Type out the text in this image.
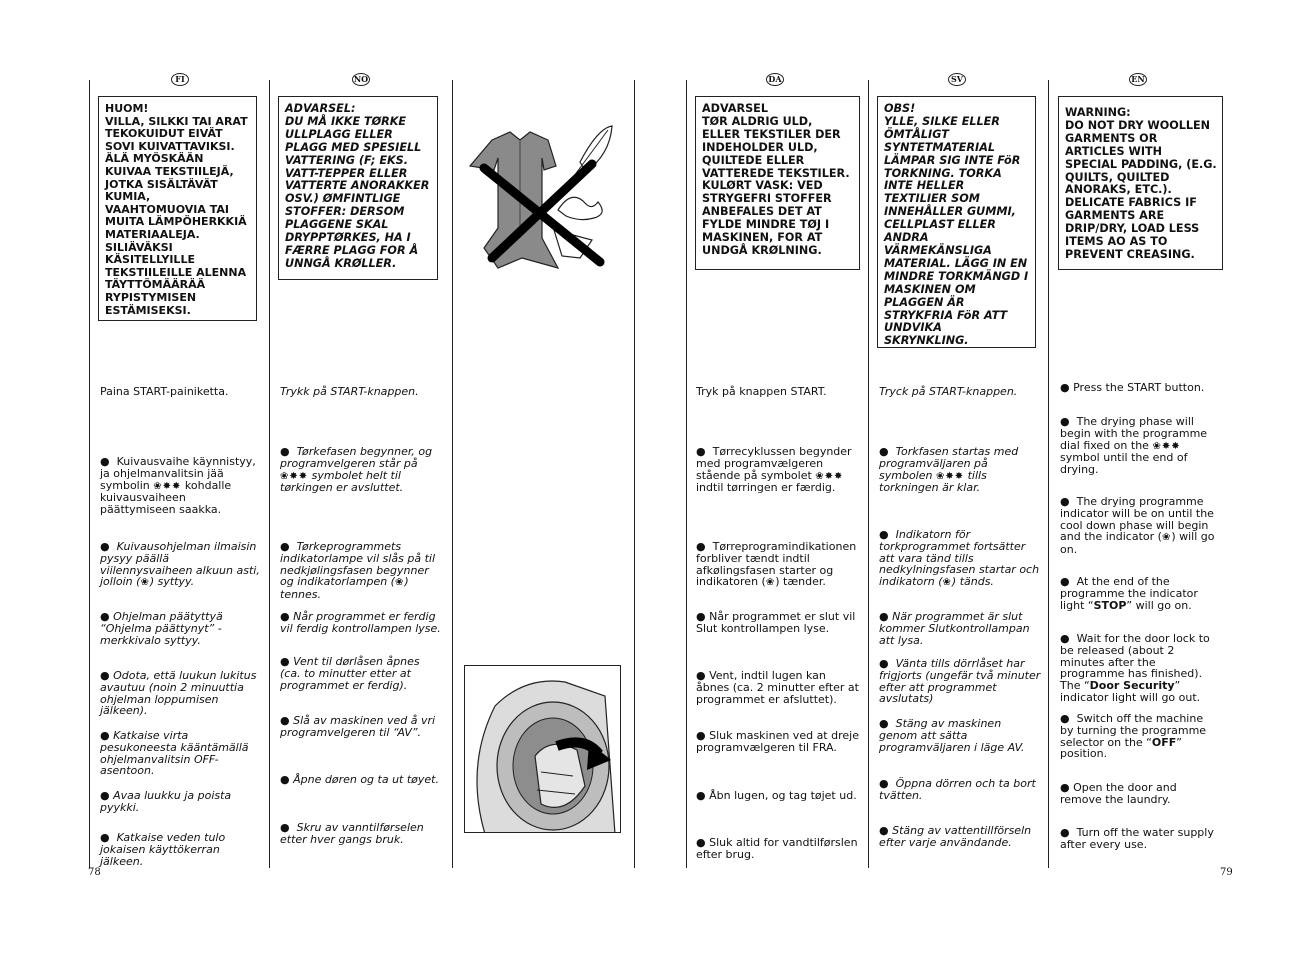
FI	NO	DA	SV	EN
HUOM!
VILLA, SILKKI TAI ARAT TEKOKUIDUT EIVÄT SOVI KUIVATTAVIKSI. ÄLÄ MYÖSKÄÄN KUIVAA TEKSTIILEJÄ, JOTKA SISÄLTÄVÄT KUMIA, VAAHTOMUOVIA TAI MUITA LÄMPÖHERKKIÄ MATERIAALEJA. SILIÄVÄKSI KÄSITELLYILLE TEKSTIILEILLE ALENNA TÄYTTÖMÄÄRÄÄ RYPISTYMISEN ESTÄMISEKSI.
ADVARSEL:
DU MÅ IKKE TØRKE ULLPLAGG ELLER PLAGG MED SPESIELL VATTERING (F; EKS. VATT-TEPPER ELLER VATTERTE ANORAKKER OSV.) ØMFINTLIGE STOFFER: DERSOM PLAGGENE SKAL DRYPPTØRKES, HA I FÆRRE PLAGG FOR Å UNNGÅ KRØLLER.
ADVARSEL
TØR ALDRIG ULD, ELLER TEKSTILER DER INDEHOLDER ULD, QUILTEDE ELLER VATTEREDE TEKSTILER. KULØRT VASK: VED STRYGEFRI STOFFER ANBEFALES DET AT FYLDE MINDRE TØJ I MASKINEN, FOR AT UNDGÅ KRØLNING.
OBS!
YLLE, SILKE ELLER ÖMTÅLIGT SYNTETMATERIAL LÄMPAR SIG INTE FöR TORKNING. TORKA INTE HELLER TEXTILIER SOM INNEHÅLLER GUMMI, CELLPLAST ELLER ANDRA VÄRMEKÄNSLIGA MATERIAL. LÄGG IN EN MINDRE TORKMÄNGD I MASKINEN OM PLAGGEN ÄR STRYKFRIA FöR ATT UNDVIKA SKRYNKLING.
WARNING:
DO NOT DRY WOOLLEN GARMENTS OR ARTICLES WITH SPECIAL PADDING, (E.G. QUILTS, QUILTED ANORAKS, ETC.). DELICATE FABRICS IF GARMENTS ARE DRIP/DRY, LOAD LESS ITEMS AO AS TO PREVENT CREASING.

Paina START-painiketta.

● Kuivausvaihe käynnistyy, ja ohjelmanvalitsin jää symbolin ❀✸✸ kohdalle kuivausvaiheen päättymiseen saakka.

● Kuivausohjelman ilmaisin pysyy päällä viilennysvaiheen alkuun asti, jolloin (❀) syttyy.

● Ohjelman päätyttyä “Ohjelma päättynyt” -merkkivalo syttyy.

● Odota, että luukun lukitus avautuu (noin 2 minuuttia ohjelman loppumisen jälkeen).

● Katkaise virta pesukoneesta kääntämällä ohjelmanvalitsin OFF-asentoon.

● Avaa luukku ja poista pyykki.

●  Katkaise veden tulo jokaisen käyttökerran jälkeen.

Trykk på START-knappen.

● Tørkefasen begynner, og programvelgeren står på ❀✸✸ symbolet helt til tørkingen er avsluttet.

● Tørkeprogrammets indikatorlampe vil slås på til nedkjølingsfasen begynner og indikatorlampen (❀) tennes.

● Når programmet er ferdig vil ferdig kontrollampen lyse.

● Vent til dørlåsen åpnes (ca. to minutter etter at programmet er ferdig).

● Slå av maskinen ved å vri programvelgeren til “AV”.

● Åpne døren og ta ut tøyet.

●  Skru av vanntilførselen etter hver gangs bruk.

Tryk på knappen START.

● Tørrecyklussen begynder med programvælgeren stående på symbolet ❀✸✸ indtil tørringen er færdig.

● Tørreprogramindikationen forbliver tændt indtil afkølingsfasen starter og indikatoren (❀) tænder.

● Når programmet er slut vil Slut kontrollampen lyse.

● Vent, indtil lugen kan åbnes (ca. 2 minutter efter at programmet er afsluttet).

● Sluk maskinen ved at dreje programvælgeren til FRA.

● Åbn lugen, og tag tøjet ud.

● Sluk altid for vandtilførslen efter brug.

Tryck på START-knappen.

● Torkfasen startas med programväljaren på symbolen ❀✸✸ tills torkningen är klar.

● Indikatorn för torkprogrammet fortsätter att vara tänd tills nedkylningsfasen startar och indikatorn (❀) tänds.

● När programmet är slut kommer Slutkontrollampan att lysa.

●  Vänta tills dörrlåset har frigjorts (ungefär två minuter efter att programmet avslutats)

●  Stäng av maskinen genom att sätta programväljaren i läge AV.

●  Öppna dörren och ta bort tvätten.

● Stäng av vattentillförseln efter varje användande.

● Press the START button.

● The drying phase will begin with the programme dial fixed on the ❀✸✸ symbol until the end of drying.

● The drying programme indicator will be on until the cool down phase will begin and the indicator (❀) will go on.

● At the end of the programme the indicator light “STOP” will go on.

● Wait for the door lock to be released (about 2 minutes after the programme has finished). The “Door Security” indicator light will go out.

● Switch off the machine by turning the programme selector on the “OFF” position.

● Open the door and remove the laundry.

●  Turn off the water supply after every use.

78	79
